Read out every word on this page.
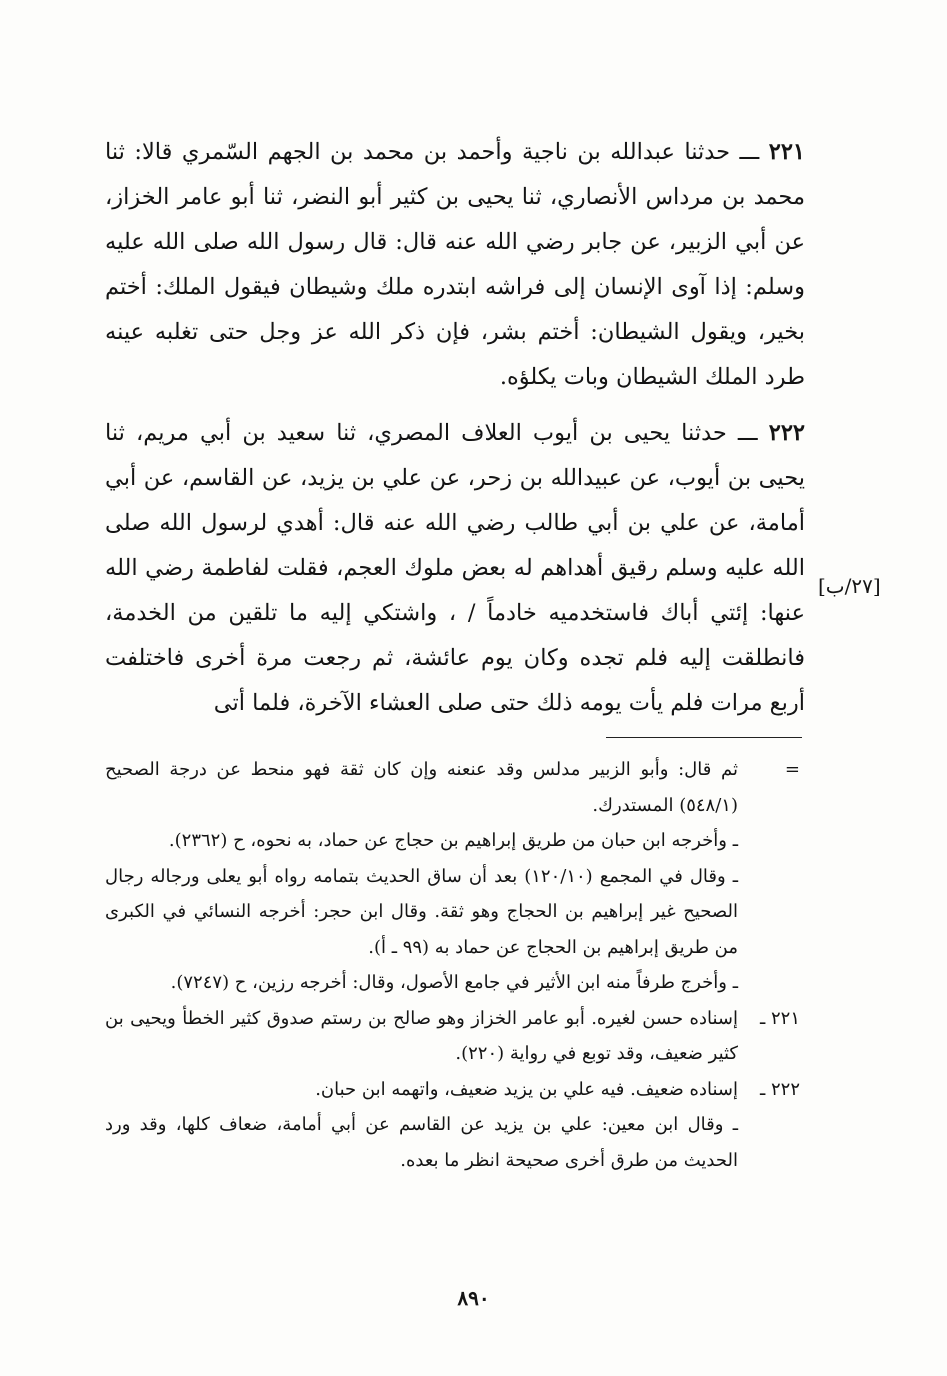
٢٢١ ـــ حدثنا عبدالله بن ناجية وأحمد بن محمد بن الجهم السّمري قالا: ثنا محمد بن مرداس الأنصاري، ثنا يحيى بن كثير أبو النضر، ثنا أبو عامر الخزاز، عن أبي الزبير، عن جابر رضي الله عنه قال: قال رسول الله صلى الله عليه وسلم: إذا آوى الإنسان إلى فراشه ابتدره ملك وشيطان فيقول الملك: أختم بخير، ويقول الشيطان: أختم بشر، فإن ذكر الله عز وجل حتى تغلبه عينه طرد الملك الشيطان وبات يكلؤه.

٢٢٢ ـــ حدثنا يحيى بن أيوب العلاف المصري، ثنا سعيد بن أبي مريم، ثنا يحيى بن أيوب، عن عبيدالله بن زحر، عن علي بن يزيد، عن القاسم، عن أبي أمامة، عن علي بن أبي طالب رضي الله عنه قال: أهدي لرسول الله صلى الله عليه وسلم رقيق أهداهم له بعض ملوك العجم، فقلت لفاطمة رضي الله عنها: إئتي أباك فاستخدميه خادماً / ، واشتكي إليه ما تلقين من الخدمة، فانطلقت إليه فلم تجده وكان يوم عائشة، ثم رجعت مرة أخرى فاختلفت أربع مرات فلم يأت يومه ذلك حتى صلى العشاء الآخرة، فلما أتى

[٢٧/ب]
=
ثم قال: وأبو الزبير مدلس وقد عنعنه وإن كان ثقة فهو منحط عن درجة الصحيح (٥٤٨/١) المستدرك.
ـ وأخرجه ابن حبان من طريق إبراهيم بن حجاج عن حماد، به نحوه، ح (٢٣٦٢).
ـ وقال في المجمع (١٢٠/١٠) بعد أن ساق الحديث بتمامه رواه أبو يعلى ورجاله رجال الصحيح غير إبراهيم بن الحجاج وهو ثقة. وقال ابن حجر: أخرجه النسائي في الكبرى من طريق إبراهيم بن الحجاج عن حماد به (٩٩ ـ أ).
ـ وأخرج طرفاً منه ابن الأثير في جامع الأصول، وقال: أخرجه رزين، ح (٧٢٤٧).
٢٢١ ـ
إسناده حسن لغيره. أبو عامر الخزاز وهو صالح بن رستم صدوق كثير الخطأ ويحيى بن كثير ضعيف، وقد توبع في رواية (٢٢٠).
٢٢٢ ـ
إسناده ضعيف. فيه علي بن يزيد ضعيف، واتهمه ابن حبان.
ـ وقال ابن معين: علي بن يزيد عن القاسم عن أبي أمامة، ضعاف كلها، وقد ورد الحديث من طرق أخرى صحيحة انظر ما بعده.
٨٩٠
